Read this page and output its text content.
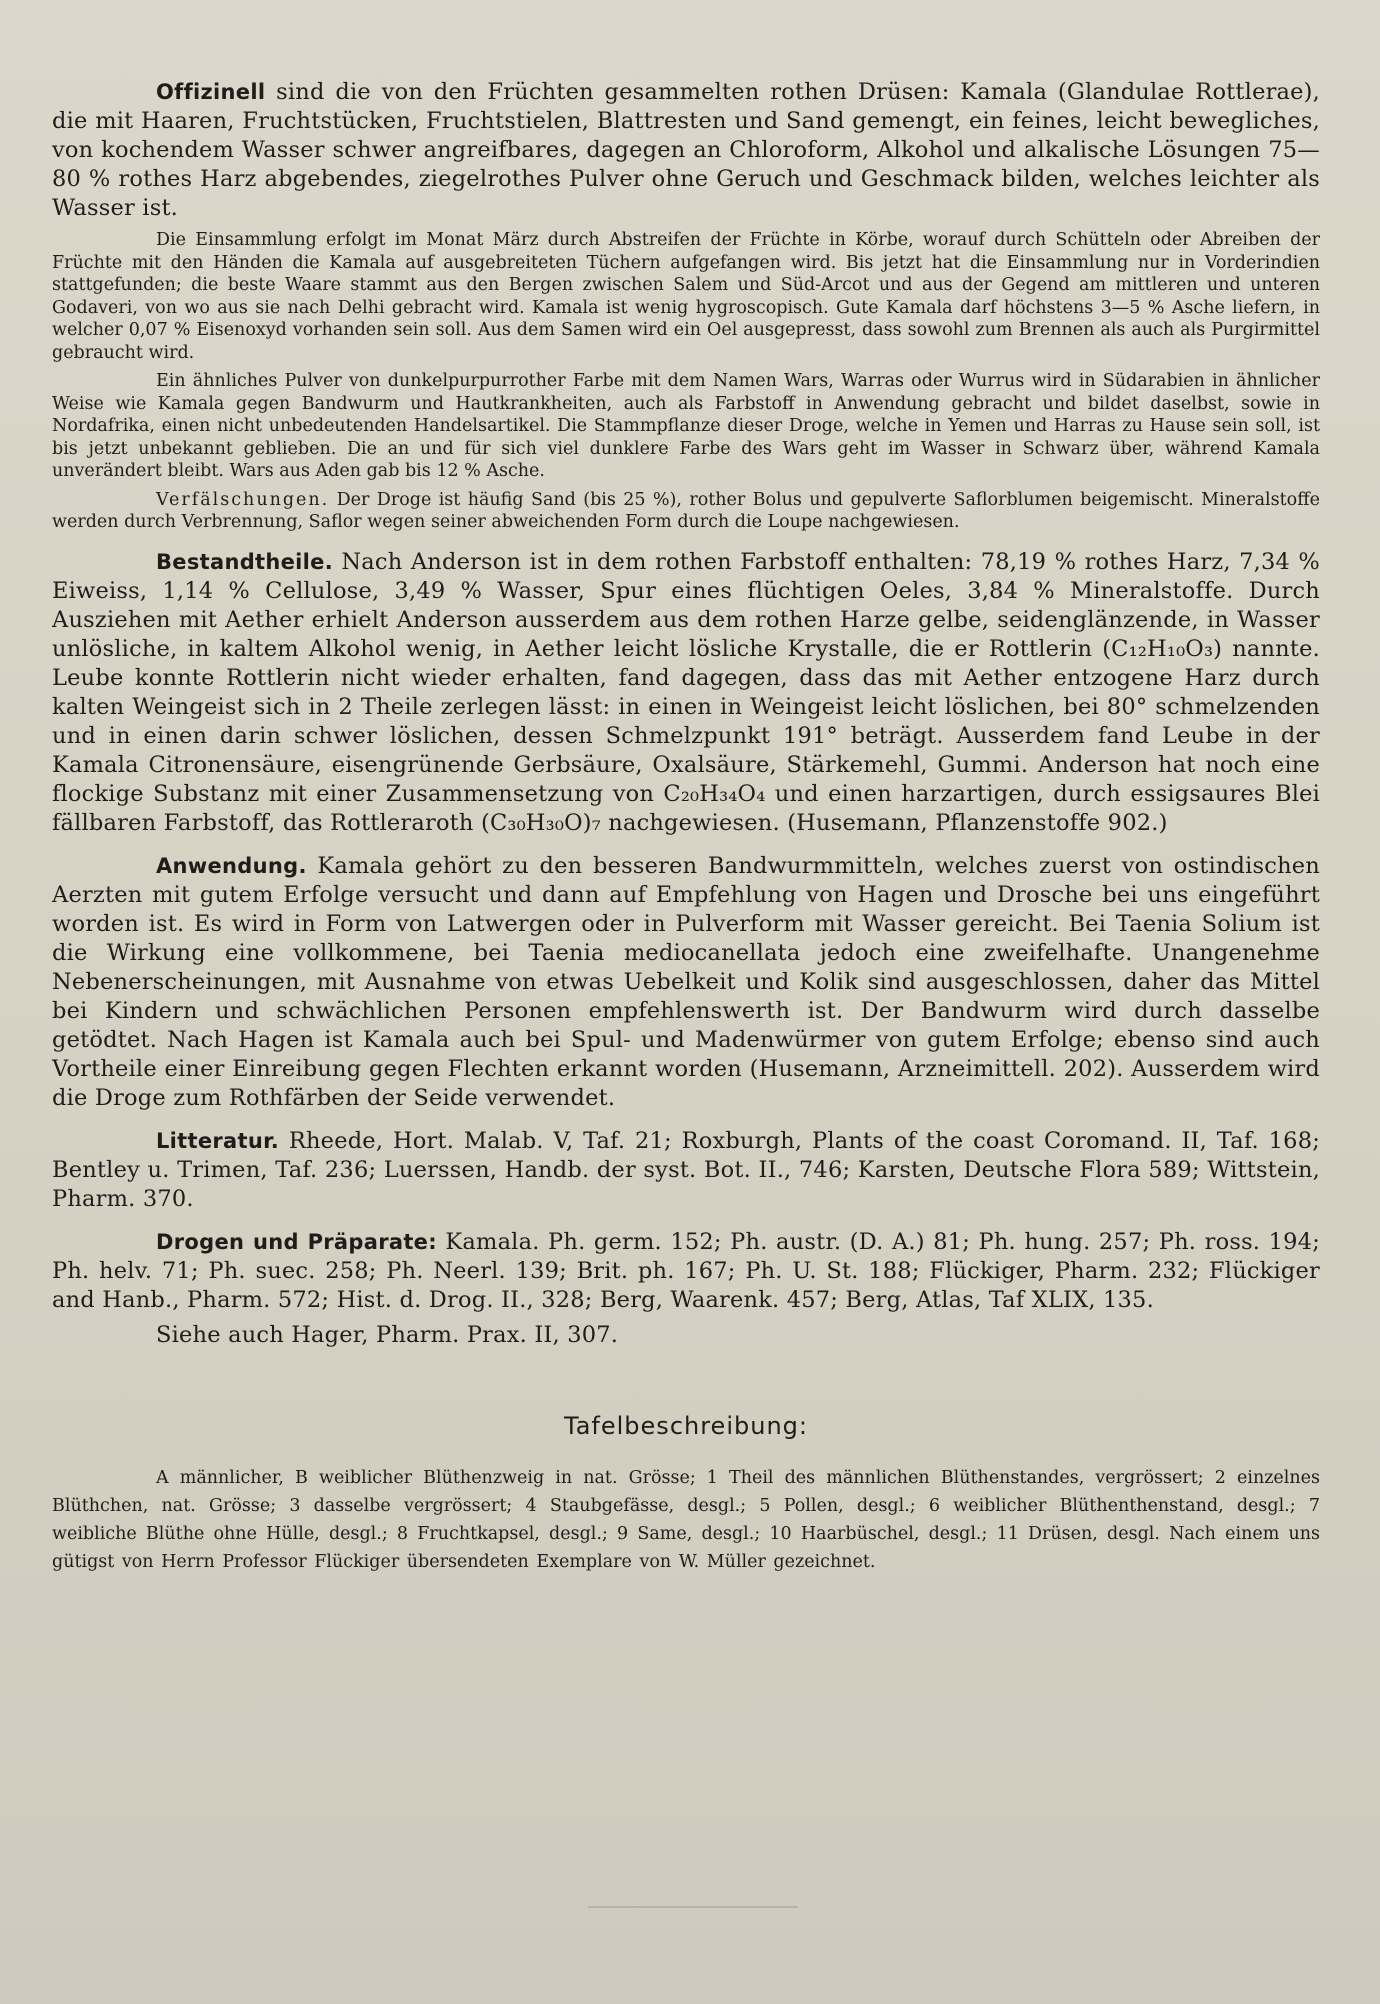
Offizinell sind die von den Früchten gesammelten rothen Drüsen: Kamala (Glandulae Rottlerae), die mit Haaren, Fruchtstücken, Fruchtstielen, Blattresten und Sand gemengt, ein feines, leicht bewegliches, von kochendem Wasser schwer angreifbares, dagegen an Chloroform, Alkohol und alkalische Lösungen 75—80 % rothes Harz abgebendes, ziegelrothes Pulver ohne Geruch und Geschmack bilden, welches leichter als Wasser ist.

Die Einsammlung erfolgt im Monat März durch Abstreifen der Früchte in Körbe, worauf durch Schütteln oder Abreiben der Früchte mit den Händen die Kamala auf ausgebreiteten Tüchern aufgefangen wird. Bis jetzt hat die Einsammlung nur in Vorderindien stattgefunden; die beste Waare stammt aus den Bergen zwischen Salem und Süd-Arcot und aus der Gegend am mittleren und unteren Godaveri, von wo aus sie nach Delhi gebracht wird. Kamala ist wenig hygroscopisch. Gute Kamala darf höchstens 3—5 % Asche liefern, in welcher 0,07 % Eisenoxyd vorhanden sein soll. Aus dem Samen wird ein Oel ausgepresst, dass sowohl zum Brennen als auch als Purgirmittel gebraucht wird.

Ein ähnliches Pulver von dunkelpurpurrother Farbe mit dem Namen Wars, Warras oder Wurrus wird in Südarabien in ähnlicher Weise wie Kamala gegen Bandwurm und Hautkrankheiten, auch als Farbstoff in Anwendung gebracht und bildet daselbst, sowie in Nordafrika, einen nicht unbedeutenden Handelsartikel. Die Stammpflanze dieser Droge, welche in Yemen und Harras zu Hause sein soll, ist bis jetzt unbekannt geblieben. Die an und für sich viel dunklere Farbe des Wars geht im Wasser in Schwarz über, während Kamala unverändert bleibt. Wars aus Aden gab bis 12 % Asche.

Verfälschungen. Der Droge ist häufig Sand (bis 25 %), rother Bolus und gepulverte Saflorblumen beigemischt. Mineralstoffe werden durch Verbrennung, Saflor wegen seiner abweichenden Form durch die Loupe nachgewiesen.

Bestandtheile. Nach Anderson ist in dem rothen Farbstoff enthalten: 78,19 % rothes Harz, 7,34 % Eiweiss, 1,14 % Cellulose, 3,49 % Wasser, Spur eines flüchtigen Oeles, 3,84 % Mineralstoffe. Durch Ausziehen mit Aether erhielt Anderson ausserdem aus dem rothen Harze gelbe, seidenglänzende, in Wasser unlösliche, in kaltem Alkohol wenig, in Aether leicht lösliche Krystalle, die er Rottlerin (C₁₂H₁₀O₃) nannte. Leube konnte Rottlerin nicht wieder erhalten, fand dagegen, dass das mit Aether entzogene Harz durch kalten Weingeist sich in 2 Theile zerlegen lässt: in einen in Weingeist leicht löslichen, bei 80° schmelzenden und in einen darin schwer löslichen, dessen Schmelzpunkt 191° beträgt. Ausserdem fand Leube in der Kamala Citronensäure, eisengrünende Gerbsäure, Oxalsäure, Stärkemehl, Gummi. Anderson hat noch eine flockige Substanz mit einer Zusammensetzung von C₂₀H₃₄O₄ und einen harzartigen, durch essigsaures Blei fällbaren Farbstoff, das Rottleraroth (C₃₀H₃₀O)₇ nachgewiesen. (Husemann, Pflanzenstoffe 902.)

Anwendung. Kamala gehört zu den besseren Bandwurmmitteln, welches zuerst von ostindischen Aerzten mit gutem Erfolge versucht und dann auf Empfehlung von Hagen und Drosche bei uns eingeführt worden ist. Es wird in Form von Latwergen oder in Pulverform mit Wasser gereicht. Bei Taenia Solium ist die Wirkung eine vollkommene, bei Taenia mediocanellata jedoch eine zweifelhafte. Unangenehme Nebenerscheinungen, mit Ausnahme von etwas Uebelkeit und Kolik sind ausgeschlossen, daher das Mittel bei Kindern und schwächlichen Personen empfehlenswerth ist. Der Bandwurm wird durch dasselbe getödtet. Nach Hagen ist Kamala auch bei Spul- und Madenwürmer von gutem Erfolge; ebenso sind auch Vortheile einer Einreibung gegen Flechten erkannt worden (Husemann, Arzneimittell. 202). Ausserdem wird die Droge zum Rothfärben der Seide verwendet.

Litteratur. Rheede, Hort. Malab. V, Taf. 21; Roxburgh, Plants of the coast Coromand. II, Taf. 168; Bentley u. Trimen, Taf. 236; Luerssen, Handb. der syst. Bot. II., 746; Karsten, Deutsche Flora 589; Wittstein, Pharm. 370.

Drogen und Präparate: Kamala. Ph. germ. 152; Ph. austr. (D. A.) 81; Ph. hung. 257; Ph. ross. 194; Ph. helv. 71; Ph. suec. 258; Ph. Neerl. 139; Brit. ph. 167; Ph. U. St. 188; Flückiger, Pharm. 232; Flückiger and Hanb., Pharm. 572; Hist. d. Drog. II., 328; Berg, Waarenk. 457; Berg, Atlas, Taf XLIX, 135.

Siehe auch Hager, Pharm. Prax. II, 307.

Tafelbeschreibung:

A männlicher, B weiblicher Blüthenzweig in nat. Grösse; 1 Theil des männlichen Blüthenstandes, vergrössert; 2 einzelnes Blüthchen, nat. Grösse; 3 dasselbe vergrössert; 4 Staubgefässe, desgl.; 5 Pollen, desgl.; 6 weiblicher Blüthenthenstand, desgl.; 7 weibliche Blüthe ohne Hülle, desgl.; 8 Fruchtkapsel, desgl.; 9 Same, desgl.; 10 Haarbüschel, desgl.; 11 Drüsen, desgl. Nach einem uns gütigst von Herrn Professor Flückiger übersendeten Exemplare von W. Müller gezeichnet.
